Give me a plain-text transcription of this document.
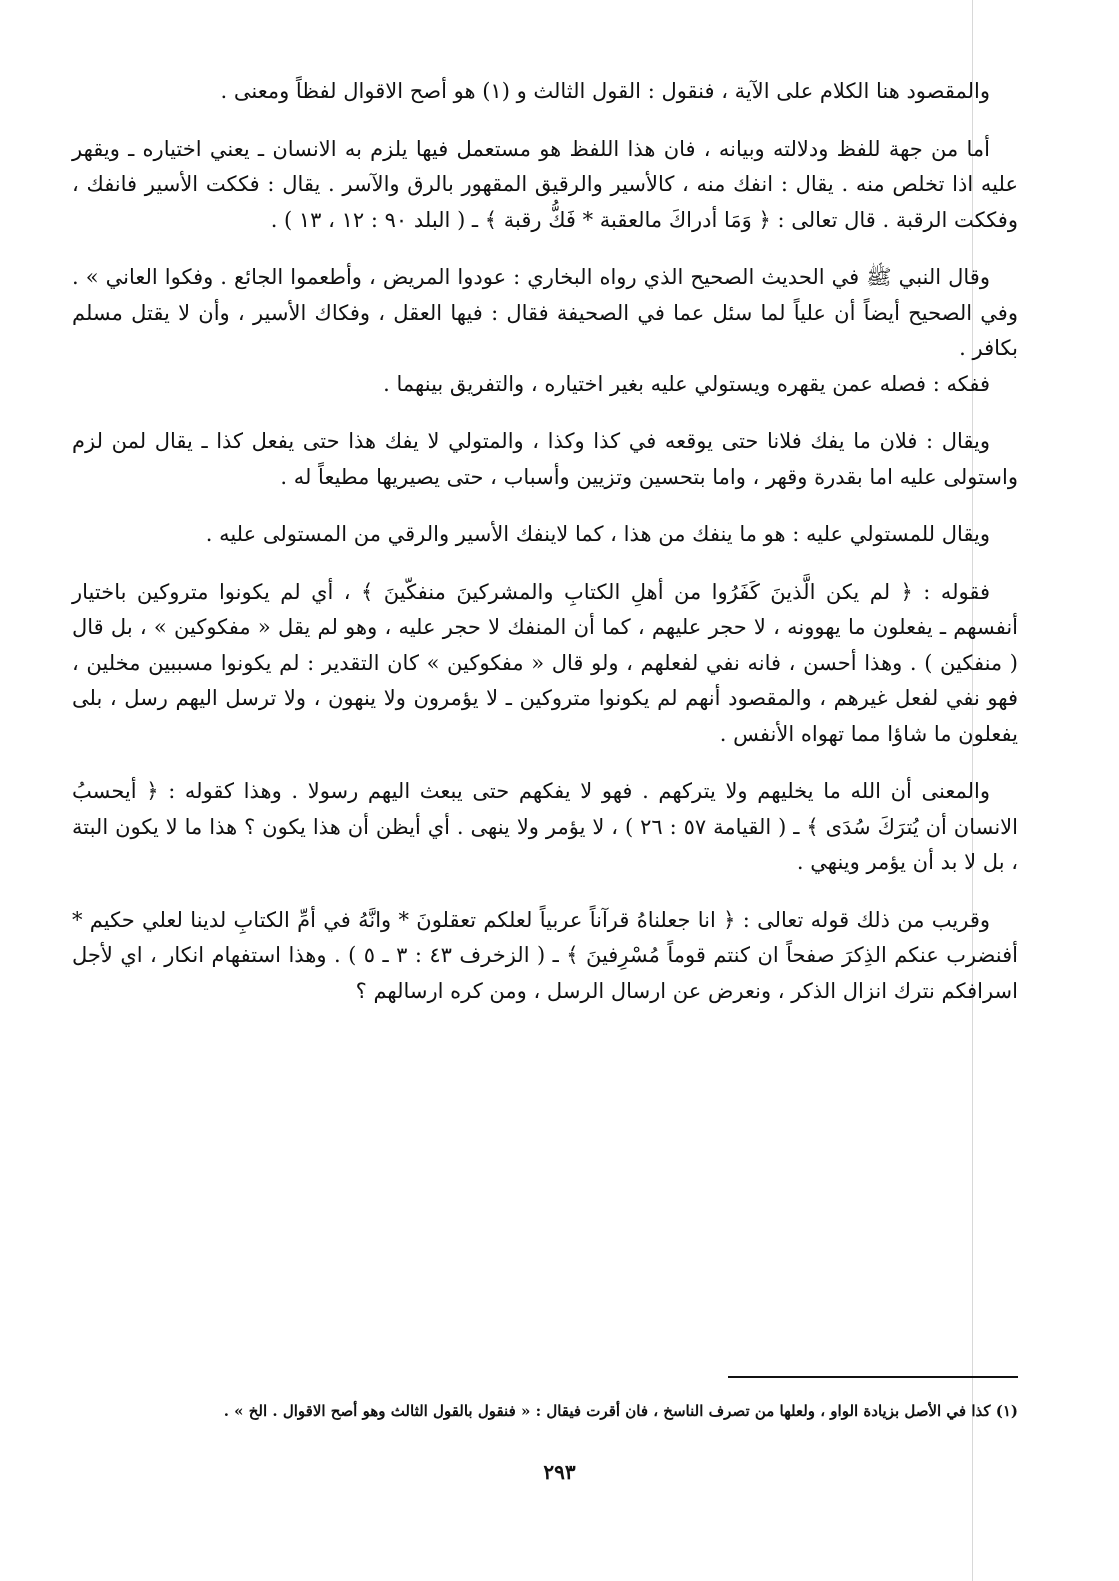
والمقصود هنا الكلام على الآية ، فنقول : القول الثالث و (١) هو أصح الاقوال لفظاً ومعنى .

أما من جهة للفظ ودلالته وبيانه ، فان هذا اللفظ هو مستعمل فيها يلزم به الانسان ـ يعني اختياره ـ ويقهر عليه اذا تخلص منه . يقال : انفك منه ، كالأسير والرقيق المقهور بالرق والآسر . يقال : فككت الأسير فانفك ، وفككت الرقبة . قال تعالى : ﴿ وَمَا أدراكَ مالعقبة * فَكُّ رقبة ﴾ ـ ( البلد ٩٠ : ١٢ ، ١٣ ) .

وقال النبي ﷺ في الحديث الصحيح الذي رواه البخاري : عودوا المريض ، وأطعموا الجائع . وفكوا العاني » . وفي الصحيح أيضاً أن علياً لما سئل عما في الصحيفة فقال : فيها العقل ، وفكاك الأسير ، وأن لا يقتل مسلم بكافر .

ففكه : فصله عمن يقهره ويستولي عليه بغير اختياره ، والتفريق بينهما .

ويقال : فلان ما يفك فلانا حتى يوقعه في كذا وكذا ، والمتولي لا يفك هذا حتى يفعل كذا ـ يقال لمن لزم واستولى عليه اما بقدرة وقهر ، واما بتحسين وتزيين وأسباب ، حتى يصيريها مطيعاً له .

ويقال للمستولي عليه : هو ما ينفك من هذا ، كما لاينفك الأسير والرقي من المستولى عليه .

فقوله : ﴿ لم يكن الَّذينَ كَفَرُوا من أهلِ الكتابِ والمشركينَ منفكّينَ ﴾ ، أي لم يكونوا متروكين باختيار أنفسهم ـ يفعلون ما يهوونه ، لا حجر عليهم ، كما أن المنفك لا حجر عليه ، وهو لم يقل « مفكوكين » ، بل قال ( منفكين ) . وهذا أحسن ، فانه نفي لفعلهم ، ولو قال « مفكوكين » كان التقدير : لم يكونوا مسببين مخلين ، فهو نفي لفعل غيرهم ، والمقصود أنهم لم يكونوا متروكين ـ لا يؤمرون ولا ينهون ، ولا ترسل اليهم رسل ، بلى يفعلون ما شاؤا مما تهواه الأنفس .

والمعنى أن الله ما يخليهم ولا يتركهم . فهو لا يفكهم حتى يبعث اليهم رسولا . وهذا كقوله : ﴿ أيحسبُ الانسان أن يُترَكَ سُدَى ﴾ ـ ( القيامة ٥٧ : ٢٦ ) ، لا يؤمر ولا ينهى . أي أيظن أن هذا يكون ؟ هذا ما لا يكون البتة ، بل لا بد أن يؤمر وينهي .

وقريب من ذلك قوله تعالى : ﴿ انا جعلناهُ قرآناً عربياً لعلكم تعقلونَ * وانَّهُ في أمِّ الكتابِ لدينا لعلي حكيم * أفنضرب عنكم الذِكرَ صفحاً ان كنتم قوماً مُسْرِفينَ ﴾ ـ ( الزخرف ٤٣ : ٣ ـ ٥ ) . وهذا استفهام انكار ، اي لأجل اسرافكم نترك انزال الذكر ، ونعرض عن ارسال الرسل ، ومن كره ارسالهم ؟

(١) كذا في الأصل بزيادة الواو ، ولعلها من تصرف الناسخ ، فان أقرت فيقال : « فنقول بالقول الثالث وهو أصح الاقوال . الخ » .

٢٩٣
